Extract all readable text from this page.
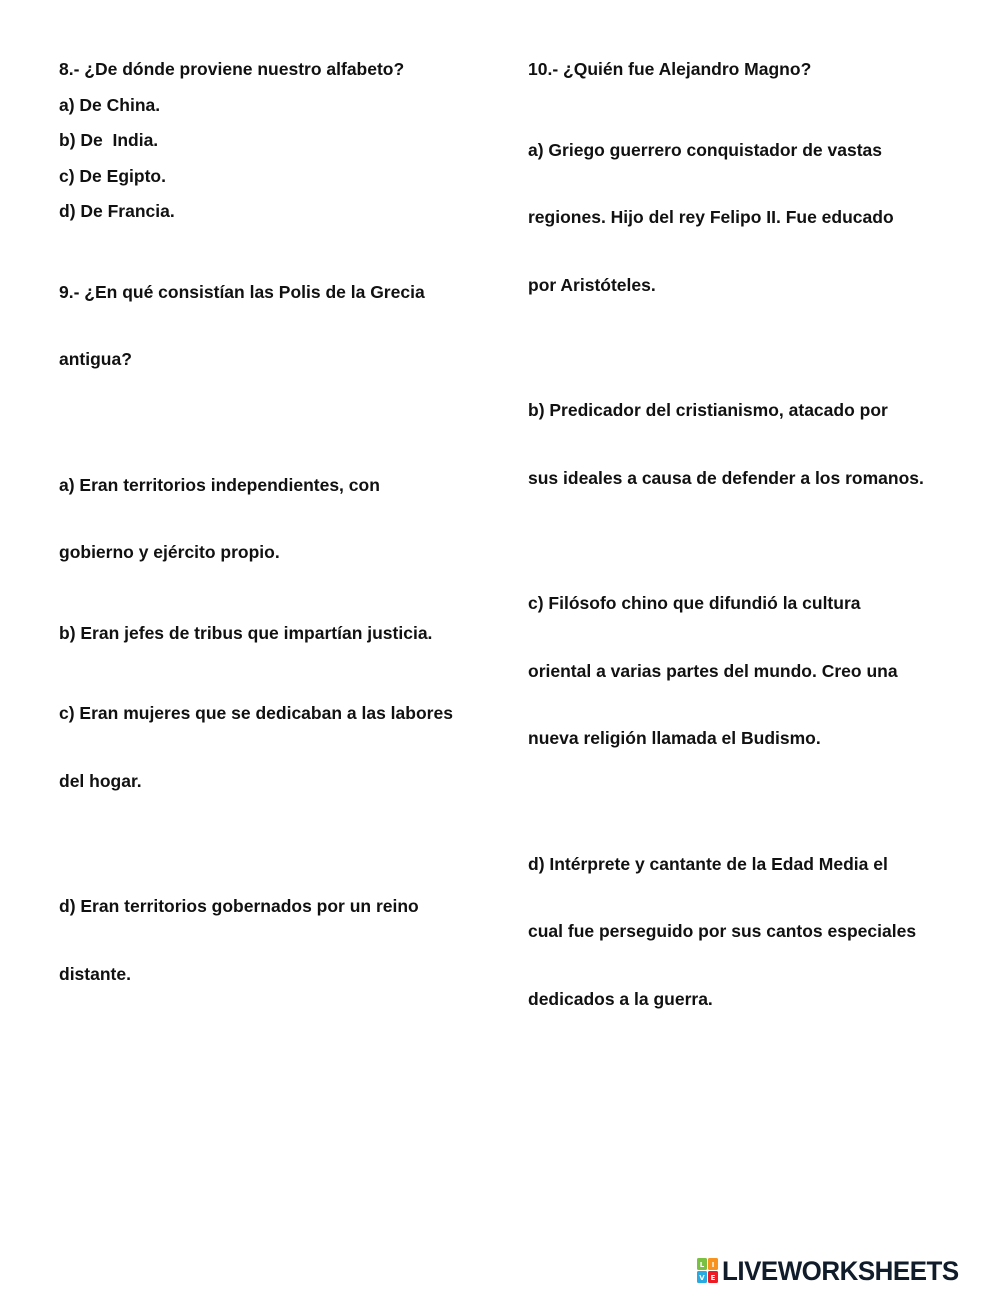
8.- ¿De dónde proviene nuestro alfabeto?
a) De China.
b) De  India.
c) De Egipto.
d) De Francia.

9.- ¿En qué consistían las Polis de la Grecia

antigua?

a) Eran territorios independientes, con

gobierno y ejército propio.

b) Eran jefes de tribus que impartían justicia.

c) Eran mujeres que se dedicaban a las labores

del hogar.

d) Eran territorios gobernados por un reino

distante.

10.- ¿Quién fue Alejandro Magno?

a) Griego guerrero conquistador de vastas

regiones. Hijo del rey Felipo II. Fue educado

por Aristóteles.

b) Predicador del cristianismo, atacado por

sus ideales a causa de defender a los romanos.

c) Filósofo chino que difundió la cultura

oriental a varias partes del mundo. Creo una

nueva religión llamada el Budismo.

d) Intérprete y cantante de la Edad Media el

cual fue perseguido por sus cantos especiales

dedicados a la guerra.

L I
V E LIVEWORKSHEETS
